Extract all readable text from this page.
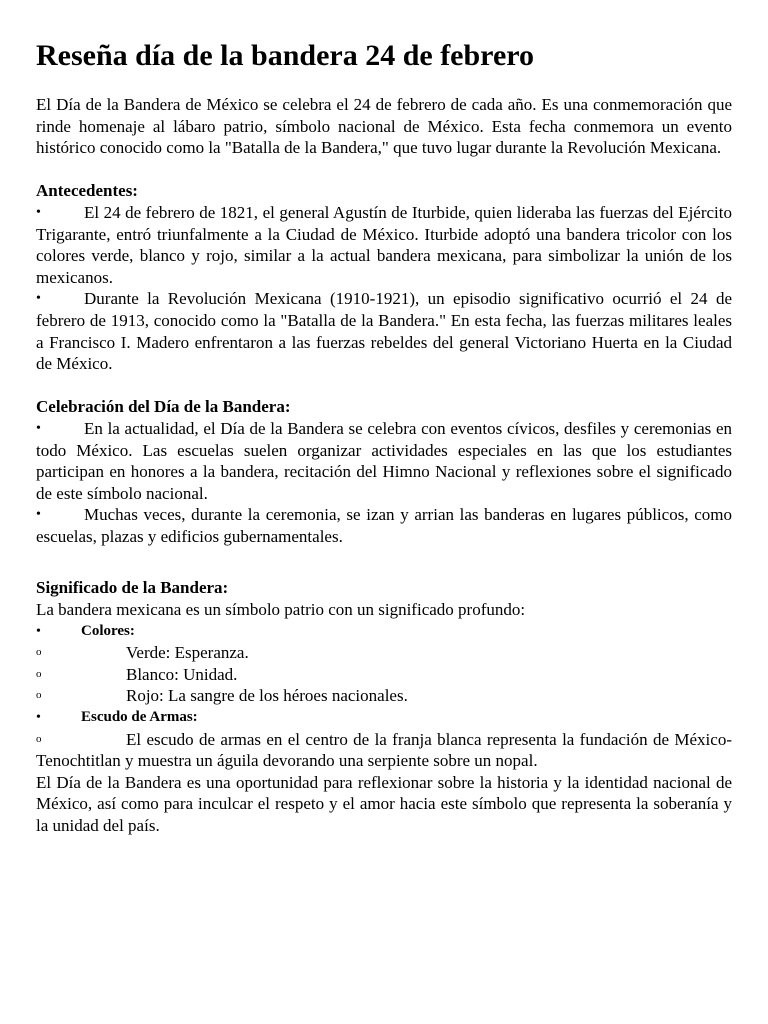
Reseña día de la bandera 24 de febrero

El Día de la Bandera de México se celebra el 24 de febrero de cada año. Es una conmemoración que rinde homenaje al lábaro patrio, símbolo nacional de México. Esta fecha conmemora un evento histórico conocido como la "Batalla de la Bandera," que tuvo lugar durante la Revolución Mexicana.

Antecedentes:

•	El 24 de febrero de 1821, el general Agustín de Iturbide, quien lideraba las fuerzas del Ejército Trigarante, entró triunfalmente a la Ciudad de México. Iturbide adoptó una bandera tricolor con los colores verde, blanco y rojo, similar a la actual bandera mexicana, para simbolizar la unión de los mexicanos.

•	Durante la Revolución Mexicana (1910-1921), un episodio significativo ocurrió el 24 de febrero de 1913, conocido como la "Batalla de la Bandera." En esta fecha, las fuerzas militares leales a Francisco I. Madero enfrentaron a las fuerzas rebeldes del general Victoriano Huerta en la Ciudad de México.

Celebración del Día de la Bandera:

•	En la actualidad, el Día de la Bandera se celebra con eventos cívicos, desfiles y ceremonias en todo México. Las escuelas suelen organizar actividades especiales en las que los estudiantes participan en honores a la bandera, recitación del Himno Nacional y reflexiones sobre el significado de este símbolo nacional.

•	Muchas veces, durante la ceremonia, se izan y arrian las banderas en lugares públicos, como escuelas, plazas y edificios gubernamentales.

Significado de la Bandera:

La bandera mexicana es un símbolo patrio con un significado profundo:

•	Colores:

o	Verde: Esperanza.

o	Blanco: Unidad.

o	Rojo: La sangre de los héroes nacionales.

•	Escudo de Armas:

o	El escudo de armas en el centro de la franja blanca representa la fundación de México-Tenochtitlan y muestra un águila devorando una serpiente sobre un nopal.

El Día de la Bandera es una oportunidad para reflexionar sobre la historia y la identidad nacional de México, así como para inculcar el respeto y el amor hacia este símbolo que representa la soberanía y la unidad del país.
